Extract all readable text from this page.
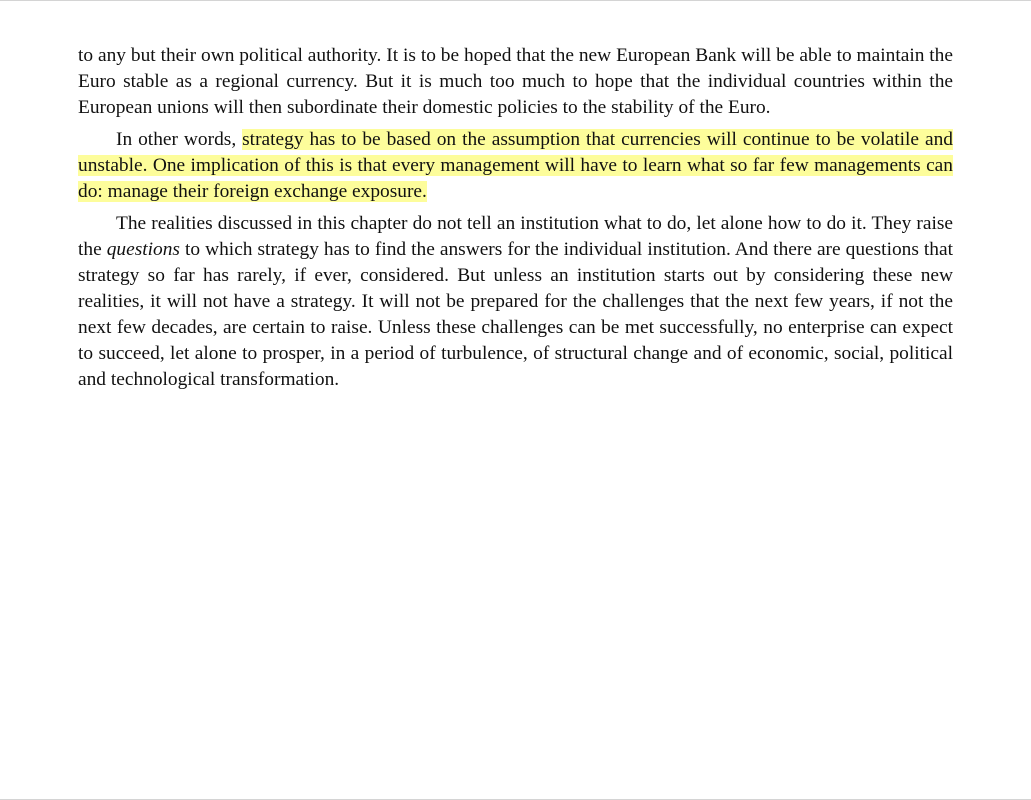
to any but their own political authority. It is to be hoped that the new European Bank will be able to maintain the Euro stable as a regional currency. But it is much too much to hope that the individual countries within the European unions will then subordinate their domestic policies to the stability of the Euro.

In other words, strategy has to be based on the assumption that currencies will continue to be volatile and unstable. One implication of this is that every management will have to learn what so far few managements can do: manage their foreign exchange exposure.

The realities discussed in this chapter do not tell an institution what to do, let alone how to do it. They raise the questions to which strategy has to find the answers for the individual institution. And there are questions that strategy so far has rarely, if ever, considered. But unless an institution starts out by considering these new realities, it will not have a strategy. It will not be prepared for the challenges that the next few years, if not the next few decades, are certain to raise. Unless these challenges can be met successfully, no enterprise can expect to succeed, let alone to prosper, in a period of turbulence, of structural change and of economic, social, political and technological transformation.
